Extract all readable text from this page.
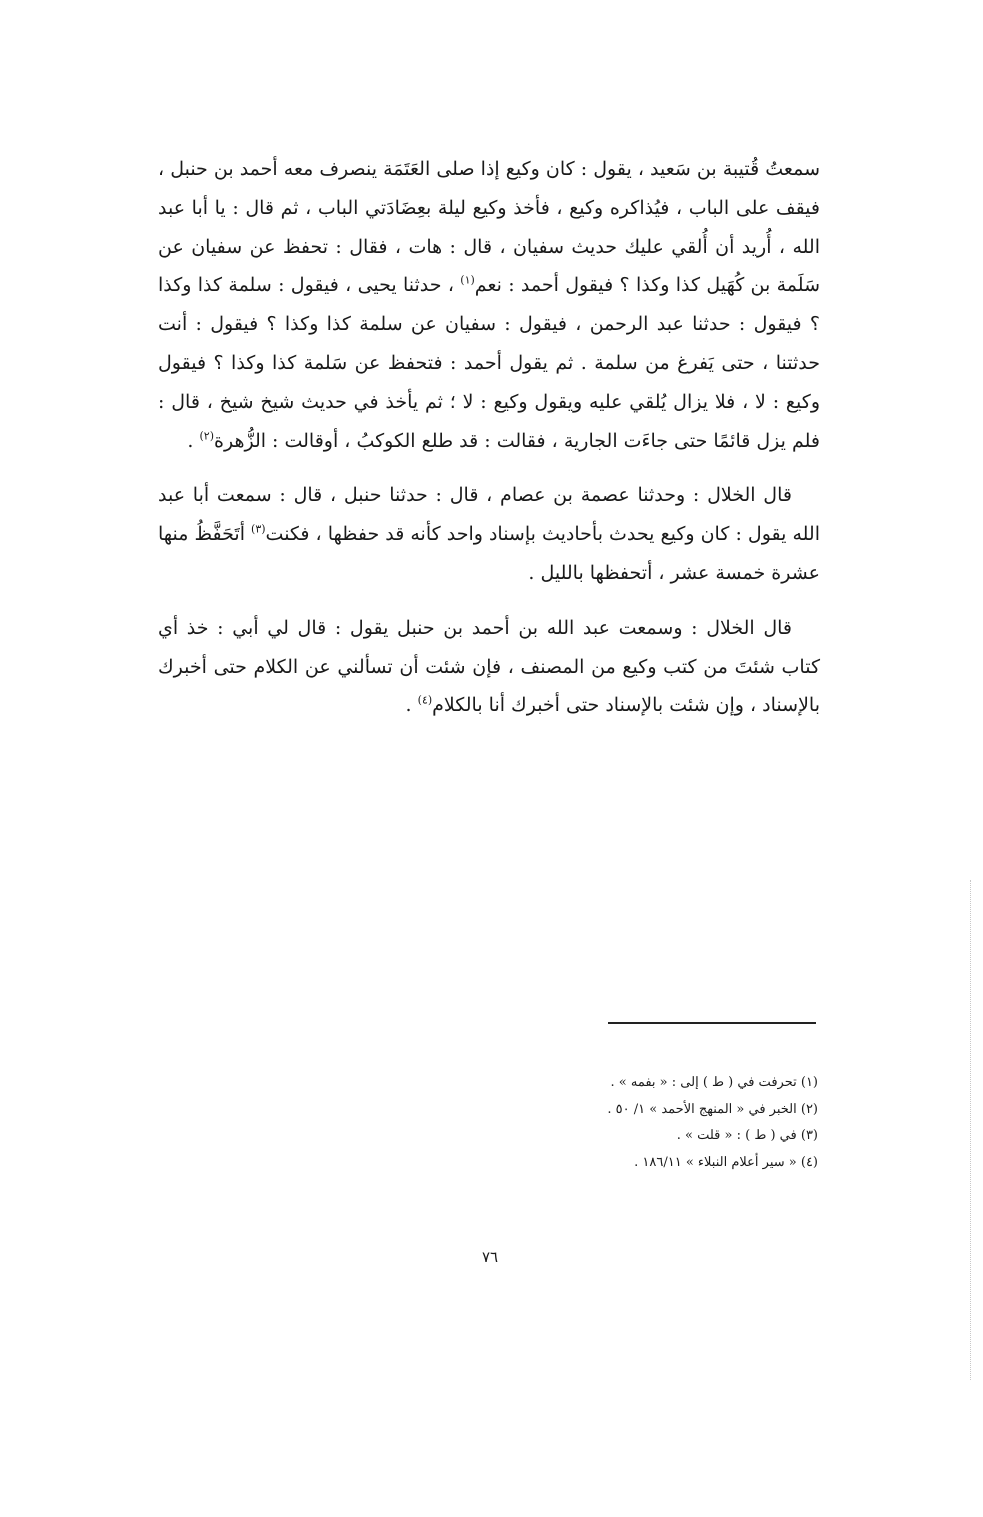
سمعتُ قُتيبة بن سَعيد ، يقول : كان وكيع إذا صلى العَتَمَة ينصرف معه أحمد بن حنبل ، فيقف على الباب ، فيُذاكره وكيع ، فأخذ وكيع ليلة بعِضَادَتي الباب ، ثم قال : يا أبا عبد الله ، أُريد أن أُلقي عليك حديث سفيان ، قال : هات ، فقال : تحفظ عن سفيان عن سَلَمة بن كُهَيل كذا وكذا ؟ فيقول أحمد : نعم$^{(١)}$ ، حدثنا يحيى ، فيقول : سلمة كذا وكذا ؟ فيقول : حدثنا عبد الرحمن ، فيقول : سفيان عن سلمة كذا وكذا ؟ فيقول : أنت حدثتنا ، حتى يَفرغ من سلمة . ثم يقول أحمد : فتحفظ عن سَلمة كذا وكذا ؟ فيقول وكيع : لا ، فلا يزال يُلقي عليه ويقول وكيع : لا ؛ ثم يأخذ في حديث شيخ شيخ ، قال : فلم يزل قائمًا حتى جاءَت الجارية ، فقالت : قد طلع الكوكبُ ، أوقالت : الزُّهرة$^{(٢)}$ .

قال الخلال : وحدثنا عصمة بن عصام ، قال : حدثنا حنبل ، قال : سمعت أبا عبد الله يقول : كان وكيع يحدث بأحاديث بإسناد واحد كأنه قد حفظها ، فكنت$^{(٣)}$ أتَحَفَّظُ منها عشرة خمسة عشر ، أتحفظها بالليل .

قال الخلال : وسمعت عبد الله بن أحمد بن حنبل يقول : قال لي أبي : خذ أي كتاب شئتَ من كتب وكيع من المصنف ، فإن شئت أن تسألني عن الكلام حتى أخبرك بالإسناد ، وإن شئت بالإسناد حتى أخبرك أنا بالكلام$^{(٤)}$ .

(١) تحرفت في ( ط ) إلى : « بفمه » .
(٢) الخبر في « المنهج الأحمد » ١/ ٥٠ .
(٣) في ( ط ) : « قلت » .
(٤) « سير أعلام النبلاء » ١٨٦/١١ .
٧٦
